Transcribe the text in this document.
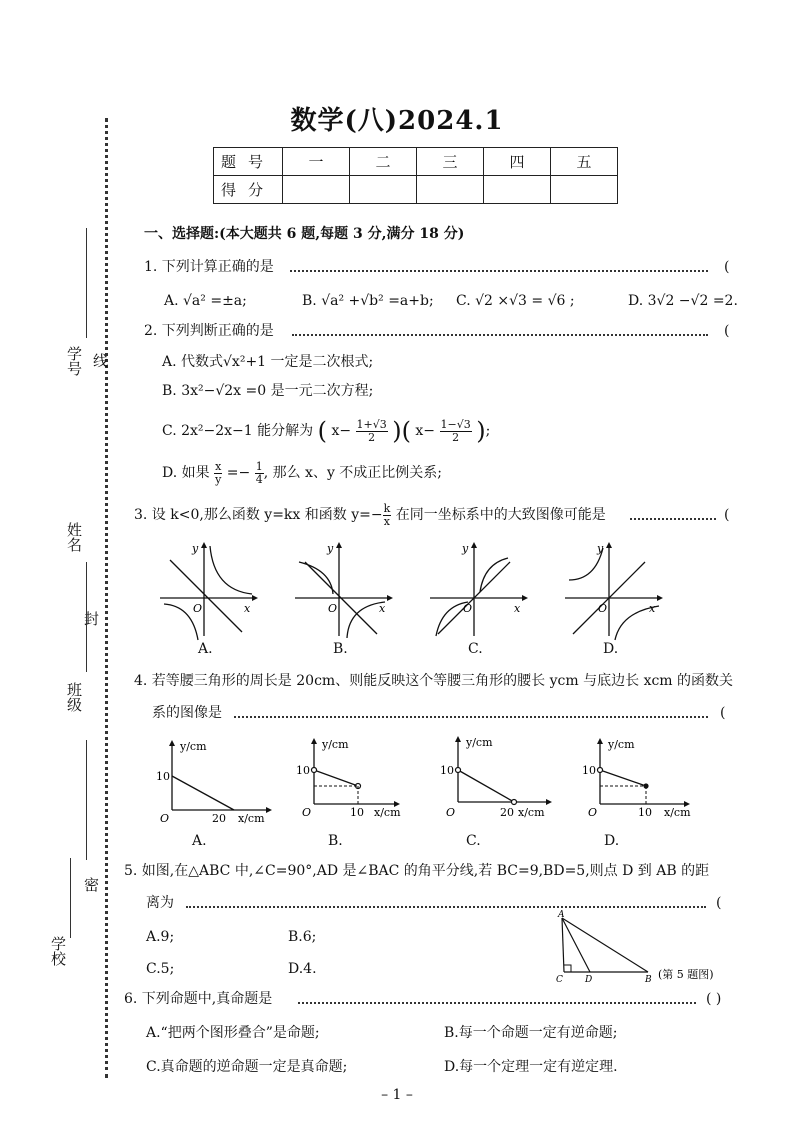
线
封
密
学号
姓名
班级
学校
数学(八)2024.1
题号	一	二	三	四	五
得分					
一、选择题:(本大题共 6 题,每题 3 分,满分 18 分)
1. 下列计算正确的是	(
A. √a² =±a;	B. √a² +√b² =a+b; C. √2 ×√3 = √6 ;	D. 3√2 −√2 =2.
2. 下列判断正确的是	(
A. 代数式√x²+1 一定是二次根式;
B. 3x²−√2x =0 是一元二次方程;
C. 2x²−2x−1 能分解为 ( $x- \frac{1+√3}{2}$ )( $x- \frac{1-√3}{2}$ );
D. 如果 $\frac{x}{y} =- \frac{1}{4}$ , 那么 x、y 不成正比例关系;
3. 设 k<0,那么函数 y=kx 和函数 $y=- \frac{k}{x}$ 在同一坐标系中的大致图像可能是	(
y
x
O
y
x
O
y
x
O
y
x
O
A.	B.	C.	D.
4. 若等腰三角形的周长是 20cm、则能反映这个等腰三角形的腰长 ycm 与底边长 xcm 的函数关
系的图像是	(
y/cm
x/cm
10
20
O
y/cm
x/cm
10
10
O
y/cm
x/cm
10
20
O
y/cm
x/cm
10
10
O
A.	B.	C.	D.
5. 如图,在△ABC 中,∠C=90°,AD 是∠BAC 的角平分线,若 BC=9,BD=5,则点 D 到 AB 的距
离为	(
A.9;	B.6;
C.5;	D.4.
A
C D	B (第 5 题图)
6. 下列命题中,真命题是	( )
A.“把两个图形叠合”是命题;	B.每一个命题一定有逆命题;
C.真命题的逆命题一定是真命题;	D.每一个定理一定有逆定理.
– 1 –
